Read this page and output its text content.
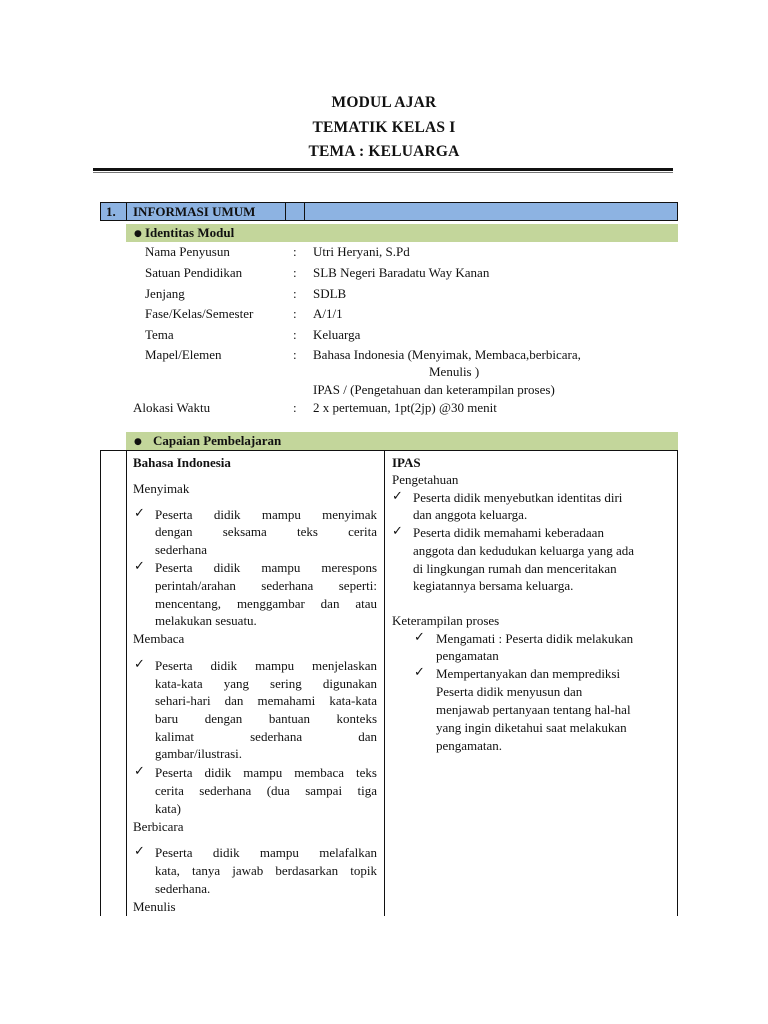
MODUL AJAR
TEMATIK KELAS I
TEMA : KELUARGA
1. INFORMASI UMUM
● Identitas Modul
Nama Penyusun	: Utri Heryani, S.Pd
Satuan Pendidikan	: SLB Negeri Baradatu Way Kanan
Jenjang	: SDLB
Fase/Kelas/Semester	: A/1/1
Tema	: Keluarga
Mapel/Elemen	: Bahasa Indonesia (Menyimak, Membaca,berbicara,
Menulis )
IPAS / (Pengetahuan dan keterampilan proses)
Alokasi Waktu	: 2 x pertemuan, 1pt(2jp) @30 menit
● Capaian Pembelajaran
Bahasa Indonesia
Menyimak
✓ Peserta didik mampu menyimak
dengan seksama teks cerita
sederhana
✓ Peserta didik mampu merespons
perintah/arahan sederhana seperti:
mencentang, menggambar dan atau
melakukan sesuatu.
Membaca
✓ Peserta didik mampu menjelaskan
kata-kata yang sering digunakan
sehari-hari dan memahami kata-kata
baru dengan bantuan konteks
kalimat sederhana dan
gambar/ilustrasi.
✓ Peserta didik mampu membaca teks
cerita sederhana (dua sampai tiga
kata)
Berbicara
✓ Peserta didik mampu melafalkan
kata, tanya jawab berdasarkan topik
sederhana.
Menulis
IPAS
Pengetahuan
✓ Peserta didik menyebutkan identitas diri
dan anggota keluarga.
✓ Peserta didik memahami keberadaan
anggota dan kedudukan keluarga yang ada
di lingkungan rumah dan menceritakan
kegiatannya bersama keluarga.
Keterampilan proses
✓ Mengamati : Peserta didik melakukan
pengamatan
✓ Mempertanyakan dan memprediksi
Peserta didik menyusun dan
menjawab pertanyaan tentang hal-hal
yang ingin diketahui saat melakukan
pengamatan.
